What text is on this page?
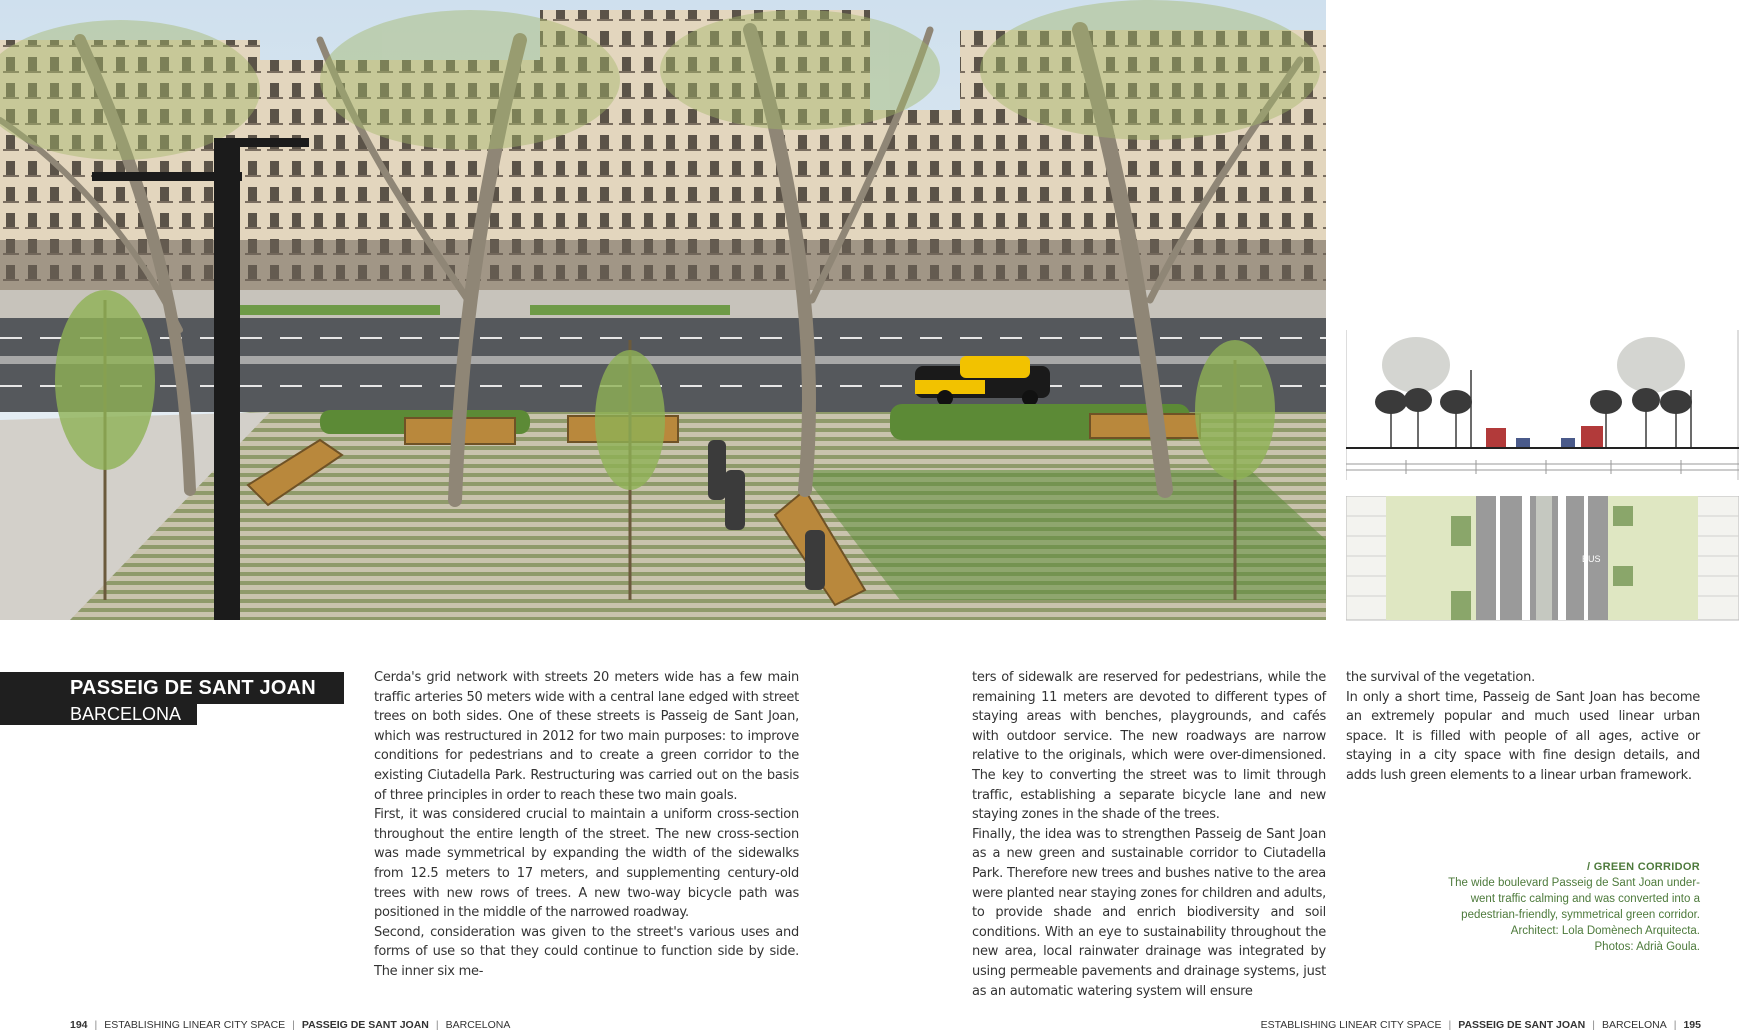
BUS
PASSEIG DE SANT JOAN
BARCELONA

Cerda's grid network with streets 20 meters wide has a few main traffic arteries 50 meters wide with a central lane edged with street trees on both sides. One of these streets is Passeig de Sant Joan, which was restructured in 2012 for two main purposes: to improve conditions for pedestrians and to create a green corridor to the existing Ciutadella Park. Restructuring was carried out on the basis of three principles in order to reach these two main goals.

First, it was considered crucial to maintain a uniform cross-section throughout the entire length of the street. The new cross-section was made symmetrical by expanding the width of the sidewalks from 12.5 meters to 17 meters, and supplementing century-old trees with new rows of trees. A new two-way bicycle path was positioned in the middle of the narrowed roadway.

Second, consideration was given to the street's various uses and forms of use so that they could continue to function side by side. The inner six me-

ters of sidewalk are reserved for pedestrians, while the remaining 11 meters are devoted to different types of staying areas with benches, playgrounds, and cafés with outdoor service. The new roadways are narrow relative to the originals, which were over-dimensioned. The key to converting the street was to limit through traffic, establishing a separate bicycle lane and new staying zones in the shade of the trees.

Finally, the idea was to strengthen Passeig de Sant Joan as a new green and sustainable corridor to Ciutadella Park. Therefore new trees and bushes native to the area were planted near staying zones for children and adults, to provide shade and enrich biodiversity and soil conditions. With an eye to sustainability throughout the new area, local rainwater drainage was integrated by using permeable pavements and drainage systems, just as an automatic watering system will ensure

the survival of the vegetation.

In only a short time, Passeig de Sant Joan has become an extremely popular and much used linear urban space. It is filled with people of all ages, active or staying in a city space with fine design details, and adds lush green elements to a linear urban framework.

/ GREEN CORRIDOR
The wide boulevard Passeig de Sant Joan under-
went traffic calming and was converted into a
pedestrian-friendly, symmetrical green corridor.
Architect: Lola Domènech Arquitecta.
Photos: Adrià Goula.
194 | ESTABLISHING LINEAR CITY SPACE | PASSEIG DE SANT JOAN | BARCELONA	ESTABLISHING LINEAR CITY SPACE | PASSEIG DE SANT JOAN | BARCELONA | 195
